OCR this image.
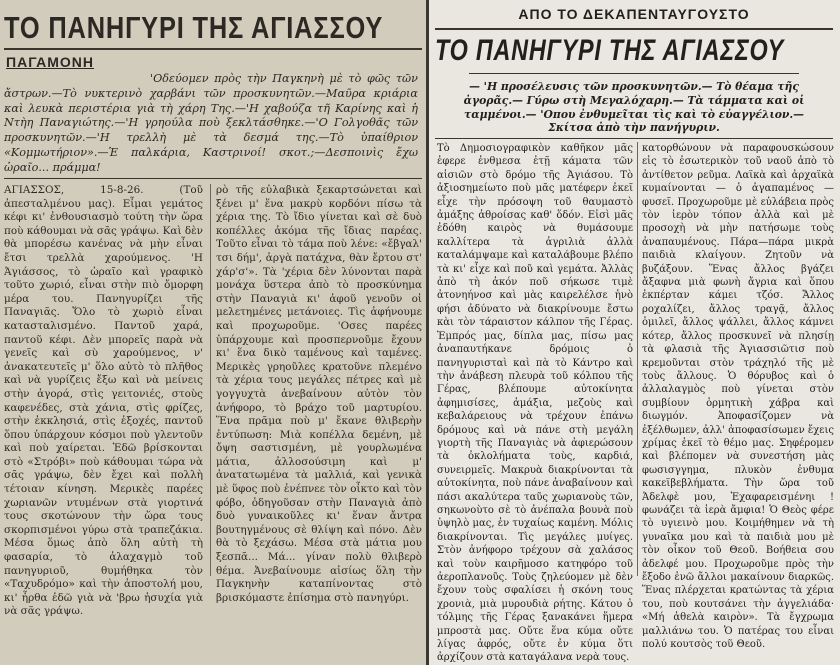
ΤΟ ΠΑΝΗΓΥΡΙ ΤΗΣ ΑΓΙΑΣΣΟΥ
ΠΑΓΑΜΟΝΗ
'Οδεύομεν πρὸς τὴν Παγκηνὴ μὲ τὸ φῶς τῶν ἄστρων.—Τὸ νυκτερινὸ χαρβάνι τῶν προσκυνητῶν.—Μαῦρα κριάρια καὶ λευκὰ περιστέρια γιὰ τὴ χάρη Της.—'Η χαβούζα τῆ Καρίνης καὶ ἡ Ντὴη Παναγιώτης.—'Η γρηούλα ποὺ ξεκλτάσθηκε.—'Ο Γολγοθᾶς τῶν προσκυνητῶν.—'Η τρελλὴ μὲ τὰ δεσμά της.—Τὸ ὑπαίθριον «Κομμωτήριον».—Ἑ παλκάρια, Καστρινοί! σκοτ.;—Δεσποινὶς ἔχω ὡραῖο... πράμμα!
ΑΓΙΑΣΣΟΣ, 15-8-26. (Τοῦ ἀπεσταλμένου μας). Εἶμαι γεμάτος κέφι κι' ἐνθουσιασμὸ τούτη τὴν ὥρα ποὺ κάθουμαι νὰ σᾶς γράψω. Καὶ δὲν θὰ μπορέσω κανένας νὰ μὴν εἶναι ἔτσι τρελλὰ χαρούμενος. 'Η Ἀγιάσσος, τὸ ὡραῖο καὶ γραφικὸ τοῦτο χωριό, εἶναι στὴν πιὸ ὄμορφη μέρα του. Πανηγυρίζει τῆς Παναγιᾶς. Ὅλο τὸ χωριὸ εἶναι κατασταλισμένο. Παντοῦ χαρά, παντοῦ κέφι. Δὲν μπορεῖς παρὰ νὰ γενεῖς καὶ σὺ χαρούμενος, ν' ἀνακατευτεῖς μ' ὅλο αὐτὸ τὸ πλῆθος καὶ νὰ γυρίζεις ἔξω καὶ νὰ μείνεις στὴν ἀγορά, στὶς γειτονιές, στοὺς καφενέδες, στὰ χάνια, στὶς φρίζες, στὴν ἐκκλησιά, στὶς ἐξοχές, παντοῦ ὅπου ὑπάρχουν κόσμοι ποὺ γλεντοῦν καὶ ποὺ χαίρεται. Ἐδῶ βρίσκονται στὸ «Στρόβι» ποὺ κάθουμαι τώρα νὰ σᾶς γράψω, δὲν ἔχει καὶ πολλὴ τέτοιαν κίνηση. Μερικὲς παρέες χωριανῶν ντυμένων στὰ γιορτινά τους σκοτώνουν τὴν ὥρα τους σκορπισμένοι γύρω στὰ τραπεζάκια. Μέσα ὅμως ἀπὸ ὅλη αὐτὴ τὴ φασαρία, τὸ ἀλαχαγμὸ τοῦ πανηγυριοῦ, θυμήθηκα τὸν «Ταχυδρόμο» καὶ τὴν ἀποστολή μου, κι' ἦρθα ἐδῶ γιὰ νὰ 'βρω ἡσυχία γιὰ νὰ σᾶς γράψω.
ρὸ τῆς εὐλαβικὰ ξεκαρτσώνεται καὶ ξένει μ' ἕνα μακρὺ κορδόνι πίσω τὰ χέρια της. Τὸ ἴδιο γίνεται καὶ σὲ δυὸ κοπέλλες ἀκόμα τῆς ἴδιας παρέας. Τοῦτο εἶναι τὸ τάμα ποὺ λένε: «ἔβγαλ' τσι δήμ', ἀργὰ πατάχνα, θὰν ἔρτου στ' χάρ'σ'». Τὰ 'χέρια δὲν λύνονται παρὰ μονάχα ὕστερα ἀπὸ τὸ προσκύνημα στὴν Παναγιὰ κι' ἀφοῦ γενοῦν οἱ μελετημένες μετάνοιες. Τὶς ἀφήνουμε καὶ προχωροῦμε. 'Οσες παρέες ὑπάρχουμε καὶ προσπερνοῦμε ἔχουν κι' ἕνα δικὸ ταμένους καὶ ταμένες. Μερικὲς γρηοῦλες κρατοῦνε πλεμένο τὰ χέρια τους μεγάλες πέτρες καὶ μὲ γογγυχτὰ ἀνεβαίνουν αὐτὸν τὸν ἀνήφορο, τὸ βράχο τοῦ μαρτυρίου. Ἕνα πρᾶμα ποὺ μ' ἔκανε θλιβερὴν ἐντύπωση: Μιὰ κοπέλλα δεμένη, μὲ ὄψη σαστισμένη, μὲ γουρλωμένα μάτια, ἀλλοσούσιμη καὶ μ' ἀνατατωμένα τὰ μαλλιά, καὶ γενικὰ μὲ ὕφος ποὺ ἐνέπνεε τὸν οἶκτο καὶ τὸν φόβο, ὁδηγοῦσαν στὴν Παναγιὰ ἀπὸ δυὸ γυναικοῦλες κι' ἕναν ἄντρα βουτηγμένους σὲ θλίψη καὶ πόνο. Δὲν θὰ τὸ ξεχάσω. Μέσα στὰ μάτια μου ξεσπᾶ... Μά... γίναν πολὺ θλιβερὸ θέμα. Ἀνεβαίνουμε αἰσίως ὅλη τὴν Παγκηνὴν καταπίνοντας στὸ βρισκόμαστε ἐπίσημα στὸ πανηγύρι.
ΑΠΟ ΤΟ ΔΕΚΑΠΕΝΤΑΥΓΟΥΣΤΟ
ΤΟ ΠΑΝΗΓΥΡΙ ΤΗΣ ΑΓΙΑΣΣΟΥ
— 'Η προσέλευσις τῶν προσκυνητῶν.— Τὸ θέαμα τῆς ἀγορᾶς.— Γύρω στὴ Μεγαλόχαρη.— Τὰ τάμματα καὶ οἱ ταμμένοι.— 'Οπου ἐνθυμεῖται τὶς καὶ τὸ εὐαγγέλιον.— Σκίτσα ἀπὸ τὴν πανήγυριν.
Τὸ Δημοσιογραφικὸν καθῆκον μᾶς ἐφερε ἐνθμεσα ἐτῇ κάματα τῶν αἰσιῶν στὸ δρόμο τῆς Ἀγιάσου. Τὸ ἀξιοσημείωτο ποὺ μᾶς ματέφερν ἐκεῖ εἶχε τὴν πρόσοψη τοῦ θαυμαστὸ ἀμάξης ἀθροίσας καθ' ὅδόν. Εἰσὶ μᾶς ἐδόθη καιρὸς νὰ θυμάσουμε καλλίτερα τὰ ἀγριλιὰ ἀλλὰ καταλάμψαμε καὶ καταλάβουμε βλέπο τὰ κι' εἶχε καὶ ποῦ καὶ γεμάτα. Ἀλλὰς ἀπὸ τὴ ἀκόν ποῦ σήκωσε τιμὲ ἀτονηήνοσ καὶ μὰς καιρελέλσε ἡνὸ φήσι ἀδύνατο νὰ διακρίνουμε ἔστω κὰι τὸν τάραιστον κάλπον τῆς Γέρας. Ἐμπρός μας, δίπλα μας, πίσω μας ἀναπαυτήκανε δρόμοις ὁ πανηγυρισταὶ καὶ πὰ τὸ Κάντρο καὶ τὴν ἀνάβεση πλευρὰ τοῦ κόλπου τῆς Γέρας, βλέπουμε αὐτοκίνητα ἀφημισίσες, ἀμάξια, μεζοὺς καὶ κεβαλάρειους νὰ τρέχουν ἐπάνω δρόμους καὶ νὰ πάνε στὴ μεγάλη γιορτὴ τῆς Παναγιὰς νὰ ἀφιερώσουν τὰ ὀκλολήματα τοὺς, καρδιά, συνειρμεῖς. Μακρυὰ διακρίνονται τὰ αὐτοκίνητα, ποὺ πάνε ἀναβαίνουν καὶ πάσι ακαλύτερα ταῦς χωριανοὺς τῶν, σηκωνοὺτο σὲ τὸ ἀνέπαλα βουνὰ ποὺ ὑψηλὸ μας, ἐν τυχαίως καμένη. Μόλις διακρίνονται. Τὶς μεγάλες μυίγες. Στὸν ἀνήφορο τρέχουν σὰ χαλάσος καὶ τοὺν καιρῆμοσο κατηφόρο τοῦ ἀεροπλανοῦς. Τοὺς ζηλεύομεν μὲ δὲν ἔχουν τοὺς σφαλίσει ἡ σκόνη τους χρονιὰ, μιὰ μυρουδιὰ ρήτης. Κάτου ὁ τόλμης τῆς Γέρας ξανακάνει ἥμερα μπροστὰ μας. Οὔτε ἕνα κύμα οὔτε λίγας ἀφρός, οὔτε ἐν κύμα ὅτι ἀρχίζουν στὰ καταγάλανα νερὰ τους.
κατορθώνουν νὰ παραφουσκώσουν εἰς τὸ ἐσωτερικὸν τοῦ ναοῦ ἀπὸ τὸ ἀντίθετον ρεῦμα. Λαϊκὰ καὶ ἀρχαϊκὰ κυμαίνονται — ὁ ἀγαπαμένος — φυσεῖ. Προχωροῦμε μὲ εὐλάβεια πρὸς τὸν ἱερὸν τόπον ἀλλὰ καὶ μὲ προσοχὴ νὰ μὴν πατήσωμε τοὺς ἀναπαυμένους. Πάρα—πάρα μικρὰ παιδιὰ κλαίγουν. Ζητοῦν νὰ βυζάξουν. Ἕνας ἄλλος βγάζει ἄξαφνα μιὰ φωνὴ ἄγρια καὶ ὅπου ἐκπέρταν κάμει τζόσ. Ἄλλος ροχαλίζει, ἄλλος τραγᾷ, ἄλλος ὁμιλεῖ, ἄλλος ψάλλει, ἄλλος κάμνει κότερ, ἄλλος προσκυνεῖ νὰ πλησίῃ τὰ φλασιὰ τῆς Ἀγιασσιῶτισ ποὺ κρεμοῦνται στὸν τράχηλό τῆς μὲ τοὺς ἄλλους. Ὁ θόρυβος καὶ ὁ ἀλλαλαγμὸς ποὺ γίνεται στὸν συμβίουν ὁρμητικὴ χάβρα καὶ διωγμόν. Ἀποφασίζομεν νὰ ἐξέλθωμεν, ἀλλ' ἀποφασίσωμεν ἔχεις χρίμας ἐκεῖ τὸ θέμο μας. Σηφέρομεν καὶ βλέπομεν νὰ συνεστήση μὰς φωσισγγημα, πλυκὸν ἐνθυμα κακεϊβεβλήματα. Τὴν ὥρα τοῦ Ἀδελφὲ μου, Ἐχαφαρεισμένηι ! φωνάζει τὰ ἱερὰ ἄμφια! Ὁ Θεὸς φέρε τὸ υγιεινὸ μου. Κοιμήθημεν νὰ τὴ γυναῖκα μου καὶ τὰ παιδιὰ μου μὲ τὸν οἶκον τοῦ Θεοῦ. Βοήθεια σου ἀδελφέ μου. Προχωροῦμε πρὸς τὴν ἔξοδο ἐνῶ ἄλλοι μακαίνουν διαρκῶς. Ἕνας πλέρχεται κρατώντας τὰ χέρια του, ποὺ κουτσάνει τὴν ἀγγελιάδα· «Μή ἀθελὰ καιρὸν». Τὰ ἔγχρωμα μαλλιάνω του. Ὁ πατέρας του εἶναι πολύ κουτσὸς τοῦ Θεοῦ.
